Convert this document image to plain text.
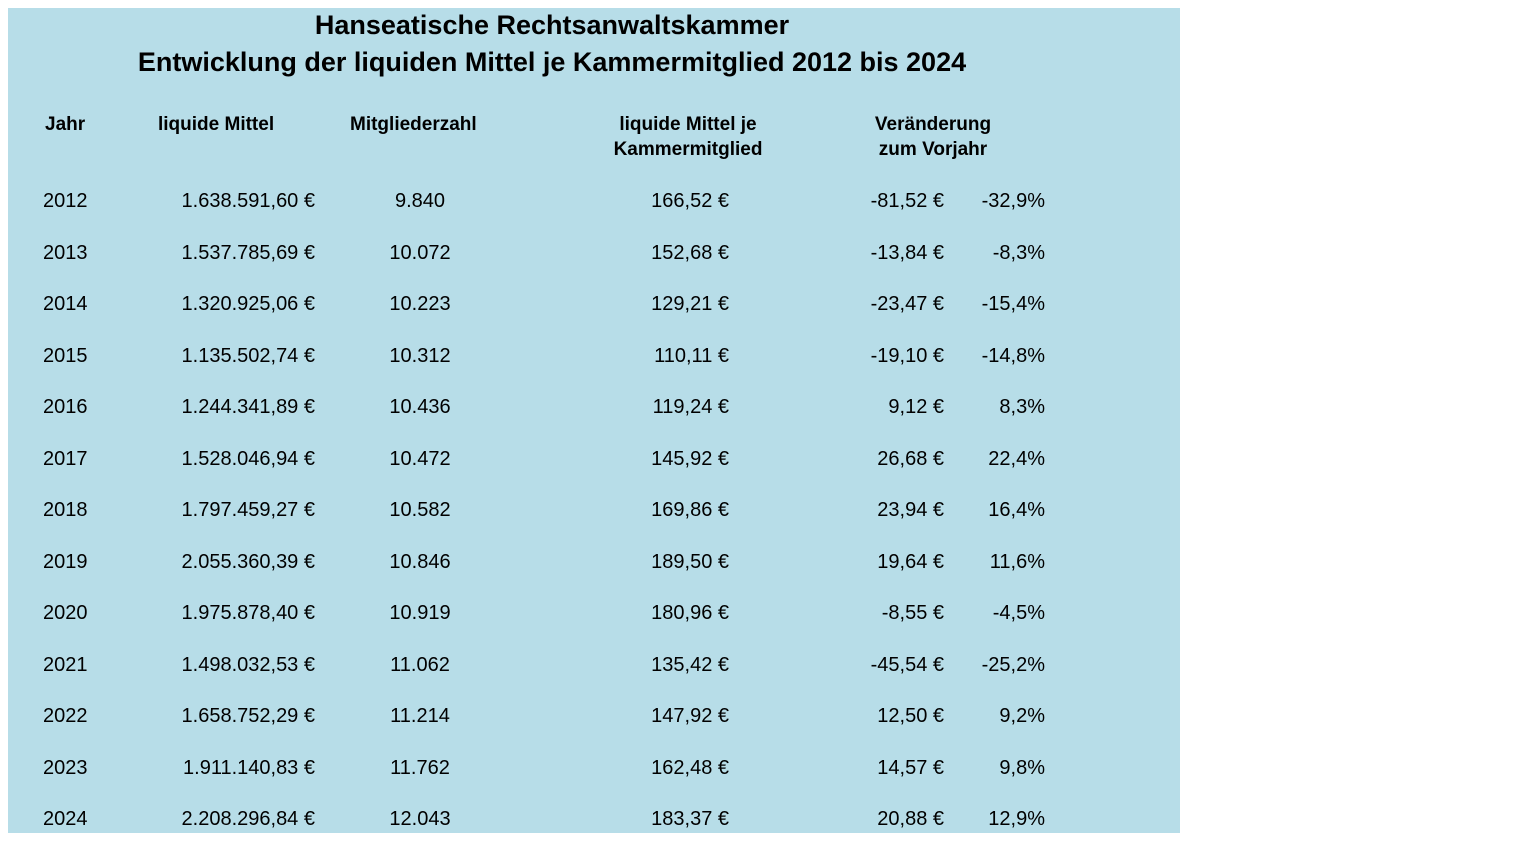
Hanseatische Rechtsanwaltskammer
Entwicklung der liquiden Mittel je Kammermitglied 2012 bis 2024
Jahr	liquide Mittel	Mitgliederzahl	liquide Mittel je
Kammermitglied
Veränderung
zum Vorjahr
2012	1.638.591,60 €	9.840	166,52 €	-81,52 € -32,9%
2013	1.537.785,69 €	10.072	152,68 €	-13,84 € -8,3%
2014	1.320.925,06 €	10.223	129,21 €	-23,47 € -15,4%
2015	1.135.502,74 €	10.312	110,11 €	-19,10 € -14,8%
2016	1.244.341,89 €	10.436	119,24 €	9,12 €	8,3%
2017	1.528.046,94 €	10.472	145,92 €	26,68 € 22,4%
2018	1.797.459,27 €	10.582	169,86 €	23,94 € 16,4%
2019	2.055.360,39 €	10.846	189,50 €	19,64 € 11,6%
2020	1.975.878,40 €	10.919	180,96 €	-8,55 € -4,5%
2021	1.498.032,53 €	11.062	135,42 €	-45,54 € -25,2%
2022	1.658.752,29 €	11.214	147,92 €	12,50 €	9,2%
2023	1.911.140,83 €	11.762	162,48 €	14,57 €	9,8%
2024	2.208.296,84 €	12.043	183,37 €	20,88 € 12,9%
